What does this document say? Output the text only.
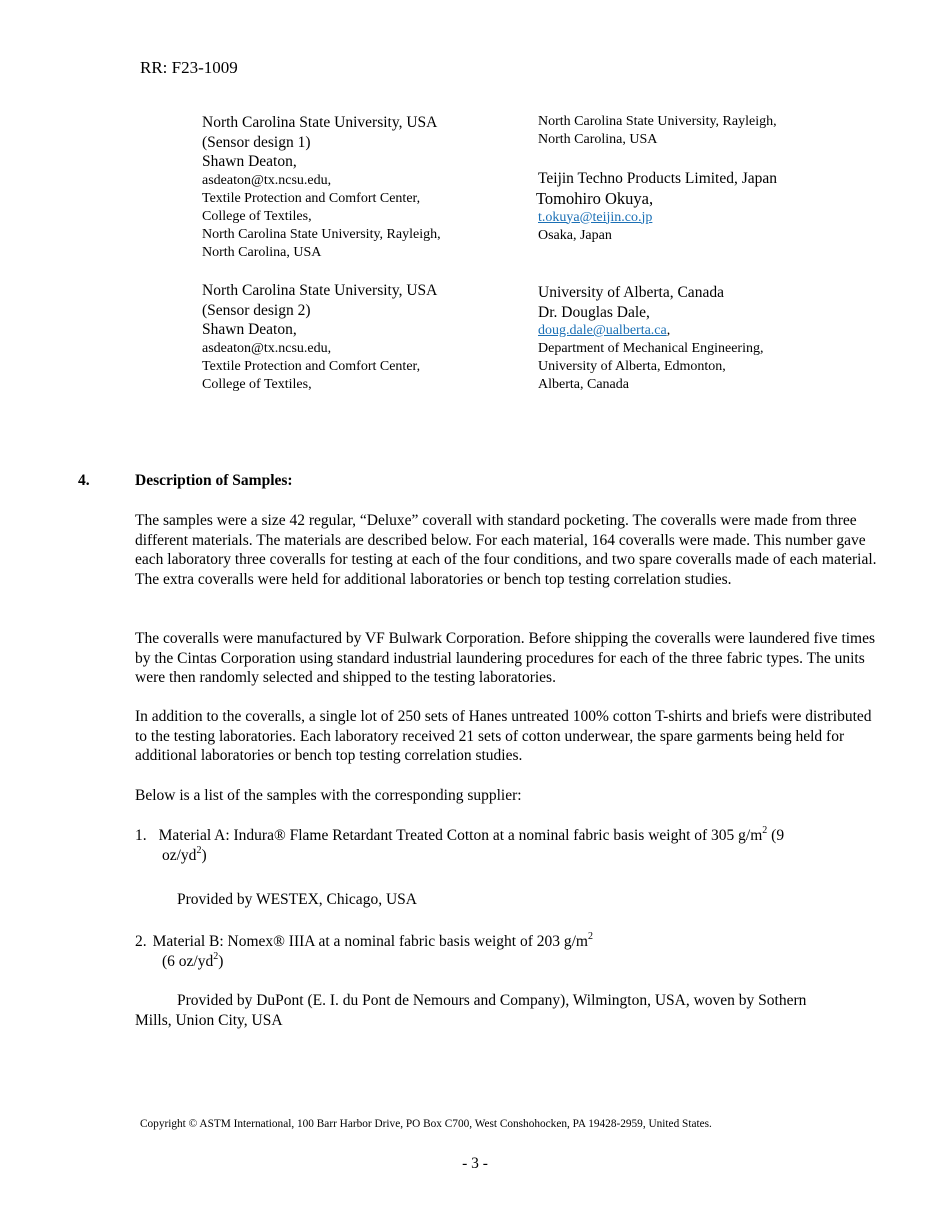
RR: F23-1009
North Carolina State University, USA
(Sensor design 1)
Shawn Deaton,
asdeaton@tx.ncsu.edu,
Textile Protection and Comfort Center,
College of Textiles,
North Carolina State University, Rayleigh,
North Carolina, USA
North Carolina State University, USA
(Sensor design 2)
Shawn Deaton,
asdeaton@tx.ncsu.edu,
Textile Protection and Comfort Center,
College of Textiles,
North Carolina State University, Rayleigh,
North Carolina, USA
Teijin Techno Products Limited, Japan
Tomohiro Okuya,
t.okuya@teijin.co.jp
Osaka, Japan
University of Alberta, Canada
Dr. Douglas Dale,
doug.dale@ualberta.ca,
Department of Mechanical Engineering,
University of Alberta, Edmonton,
Alberta, Canada
4.	Description of Samples:
The samples were a size 42 regular, “Deluxe” coverall with standard pocketing. The coveralls were made from three different materials. The materials are described below. For each material, 164 coveralls were made. This number gave each laboratory three coveralls for testing at each of the four conditions, and two spare coveralls made of each material. The extra coveralls were held for additional laboratories or bench top testing correlation studies.
The coveralls were manufactured by VF Bulwark Corporation. Before shipping the coveralls were laundered five times by the Cintas Corporation using standard industrial laundering procedures for each of the three fabric types. The units were then randomly selected and shipped to the testing laboratories.
In addition to the coveralls, a single lot of 250 sets of Hanes untreated 100% cotton T-shirts and briefs were distributed to the testing laboratories. Each laboratory received 21 sets of cotton underwear, the spare garments being held for additional laboratories or bench top testing correlation studies.
Below is a list of the samples with the corresponding supplier:
1. Material A: Indura® Flame Retardant Treated Cotton at a nominal fabric basis weight of 305 $g/m^2$ (9
$oz/yd^2$)
Provided by WESTEX, Chicago, USA
2. Material B: Nomex® IIIA at a nominal fabric basis weight of 203 $g/m^2$
(6 $oz/yd^2$)
Provided by DuPont (E. I. du Pont de Nemours and Company), Wilmington, USA, woven by Sothern
Mills, Union City, USA
Copyright © ASTM International, 100 Barr Harbor Drive, PO Box C700, West Conshohocken, PA 19428-2959, United States.
- 3 -
